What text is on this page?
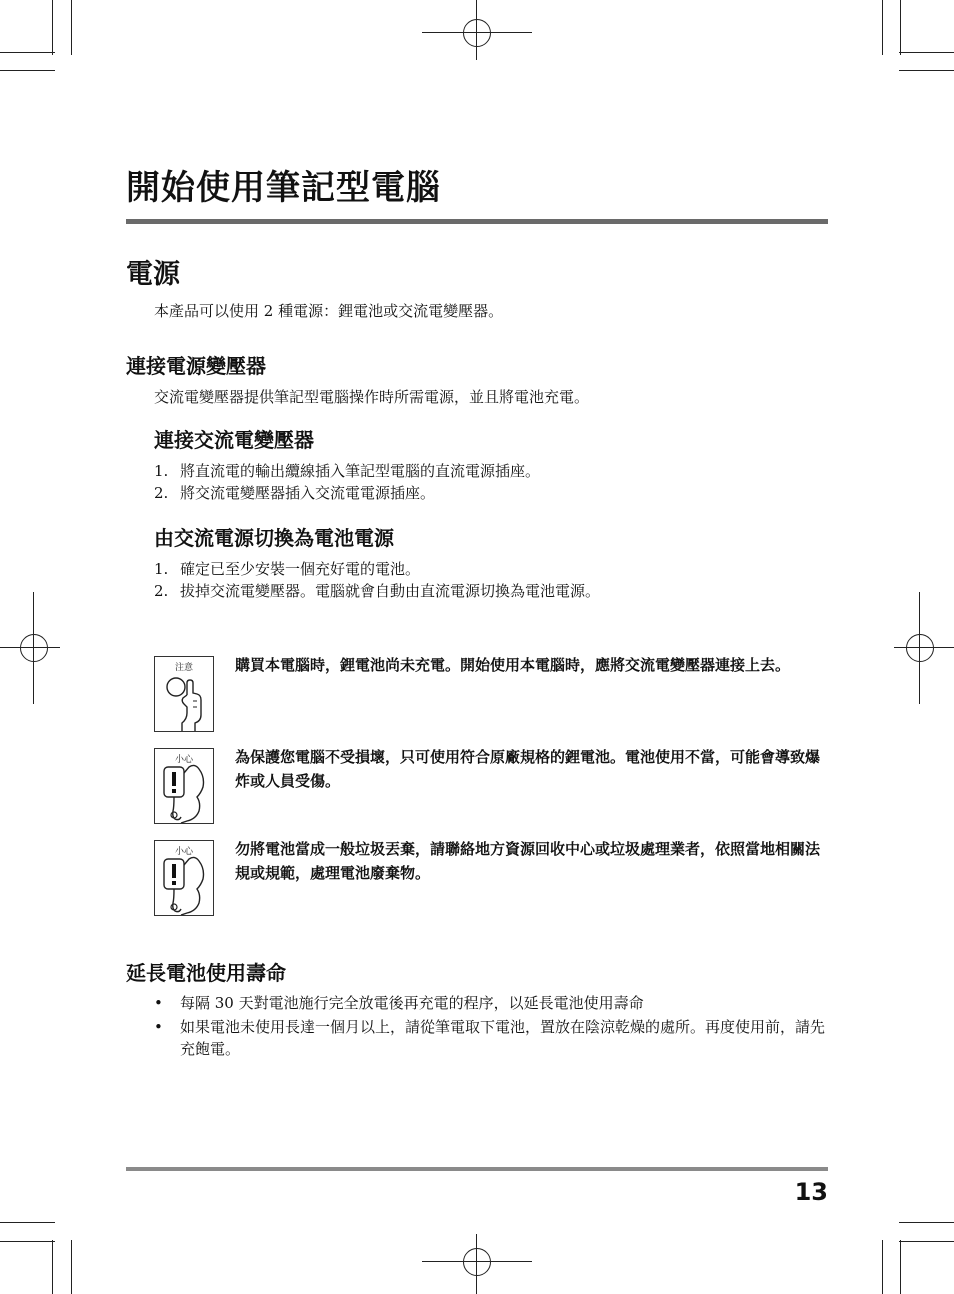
開始使用筆記型電腦
電源
本產品可以使用 2 種電源：鋰電池或交流電變壓器。
連接電源變壓器
交流電變壓器提供筆記型電腦操作時所需電源，並且將電池充電。
連接交流電變壓器
1. 將直流電的輸出纜線插入筆記型電腦的直流電源插座。
2. 將交流電變壓器插入交流電電源插座。
由交流電源切換為電池電源
1. 確定已至少安裝一個充好電的電池。
2. 拔掉交流電變壓器。電腦就會自動由直流電源切換為電池電源。
注意	購買本電腦時，鋰電池尚未充電。開始使用本電腦時，應將交流電變壓器連接上去。
小心	為保護您電腦不受損壞，只可使用符合原廠規格的鋰電池。電池使用不當，可能會導致爆炸或人員受傷。
小心	勿將電池當成一般垃圾丟棄，請聯絡地方資源回收中心或垃圾處理業者，依照當地相關法規或規範，處理電池廢棄物。
延長電池使用壽命
• 每隔 30 天對電池施行完全放電後再充電的程序，以延長電池使用壽命
• 如果電池未使用長達一個月以上，請從筆電取下電池，置放在陰涼乾燥的處所。再度使用前，請先充飽電。
13
